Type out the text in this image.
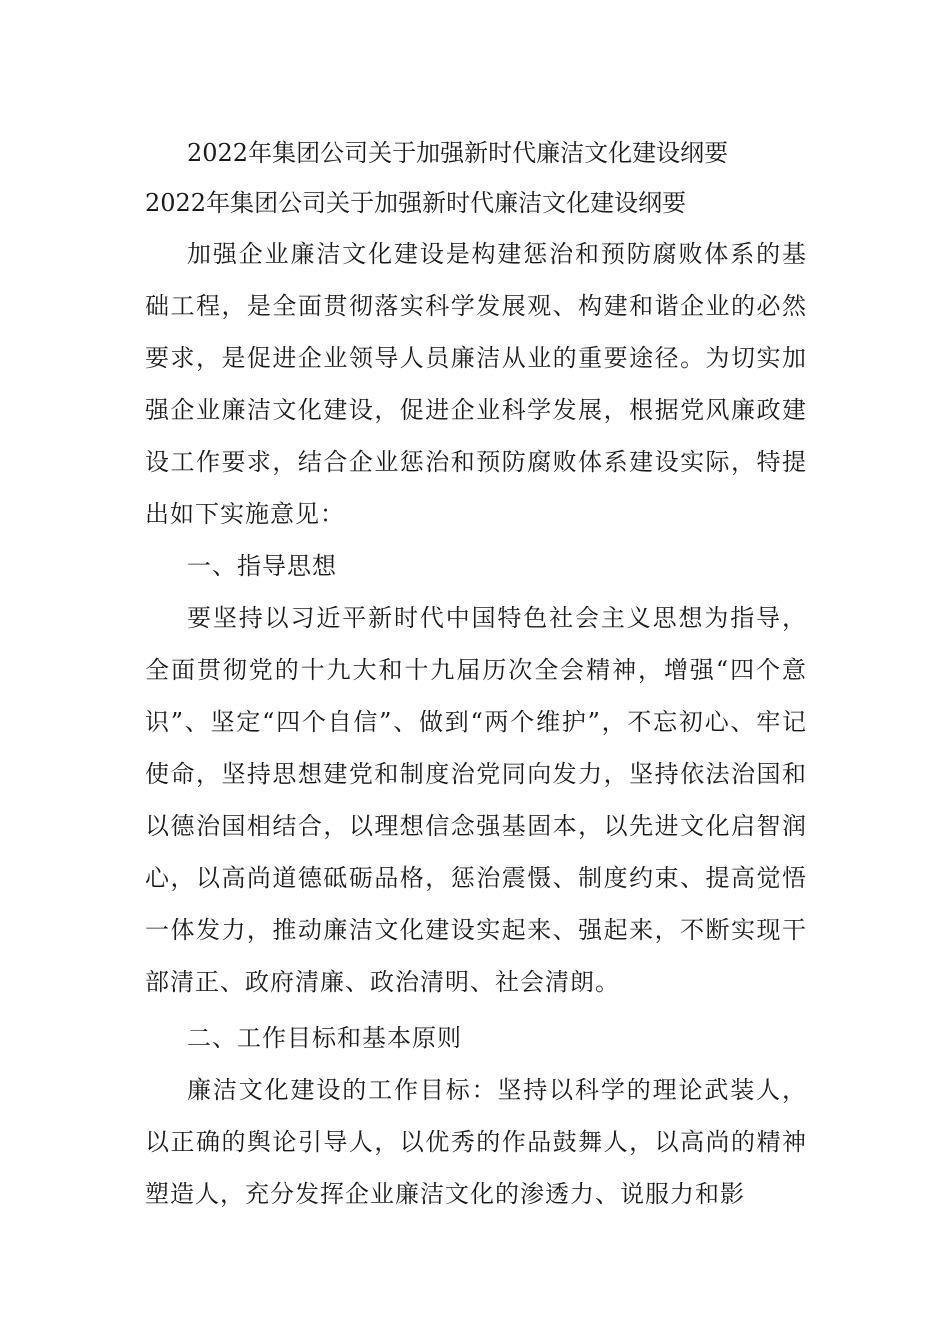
2022年集团公司关于加强新时代廉洁文化建设纲要

2022年集团公司关于加强新时代廉洁文化建设纲要

加强企业廉洁文化建设是构建惩治和预防腐败体系的基础工程，是全面贯彻落实科学发展观、构建和谐企业的必然要求，是促进企业领导人员廉洁从业的重要途径。为切实加强企业廉洁文化建设，促进企业科学发展，根据党风廉政建设工作要求，结合企业惩治和预防腐败体系建设实际，特提出如下实施意见：

一、指导思想

要坚持以习近平新时代中国特色社会主义思想为指导，全面贯彻党的十九大和十九届历次全会精神，增强“四个意识”、坚定“四个自信”、做到“两个维护”，不忘初心、牢记使命，坚持思想建党和制度治党同向发力，坚持依法治国和以德治国相结合，以理想信念强基固本，以先进文化启智润心，以高尚道德砥砺品格，惩治震慑、制度约束、提高觉悟一体发力，推动廉洁文化建设实起来、强起来，不断实现干部清正、政府清廉、政治清明、社会清朗。

二、工作目标和基本原则

廉洁文化建设的工作目标：坚持以科学的理论武装人，以正确的舆论引导人，以优秀的作品鼓舞人，以高尚的精神塑造人，充分发挥企业廉洁文化的渗透力、说服力和影
